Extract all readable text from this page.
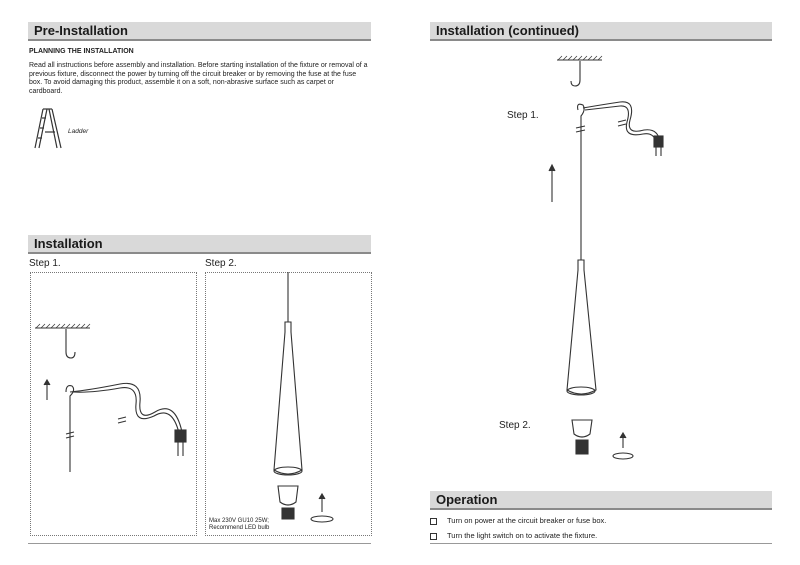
Pre-Installation
PLANNING THE INSTALLATION
Read all instructions before assembly and installation. Before starting installation of the fixture or removal of a previous fixture, disconnect the power by turning off the circuit breaker or by removing the fuse at the fuse box. To avoid damaging this product, assemble it on a soft, non-abrasive surface such as carpet or cardboard.
Ladder
Installation
Step 1.	Step 2.
Max 230V GU10 25W;
Recommend LED bulb
Installation (continued)
Step 1.
Step 2.
Operation
Turn on power at the circuit breaker or fuse box.
Turn the light switch on to activate the fixture.
